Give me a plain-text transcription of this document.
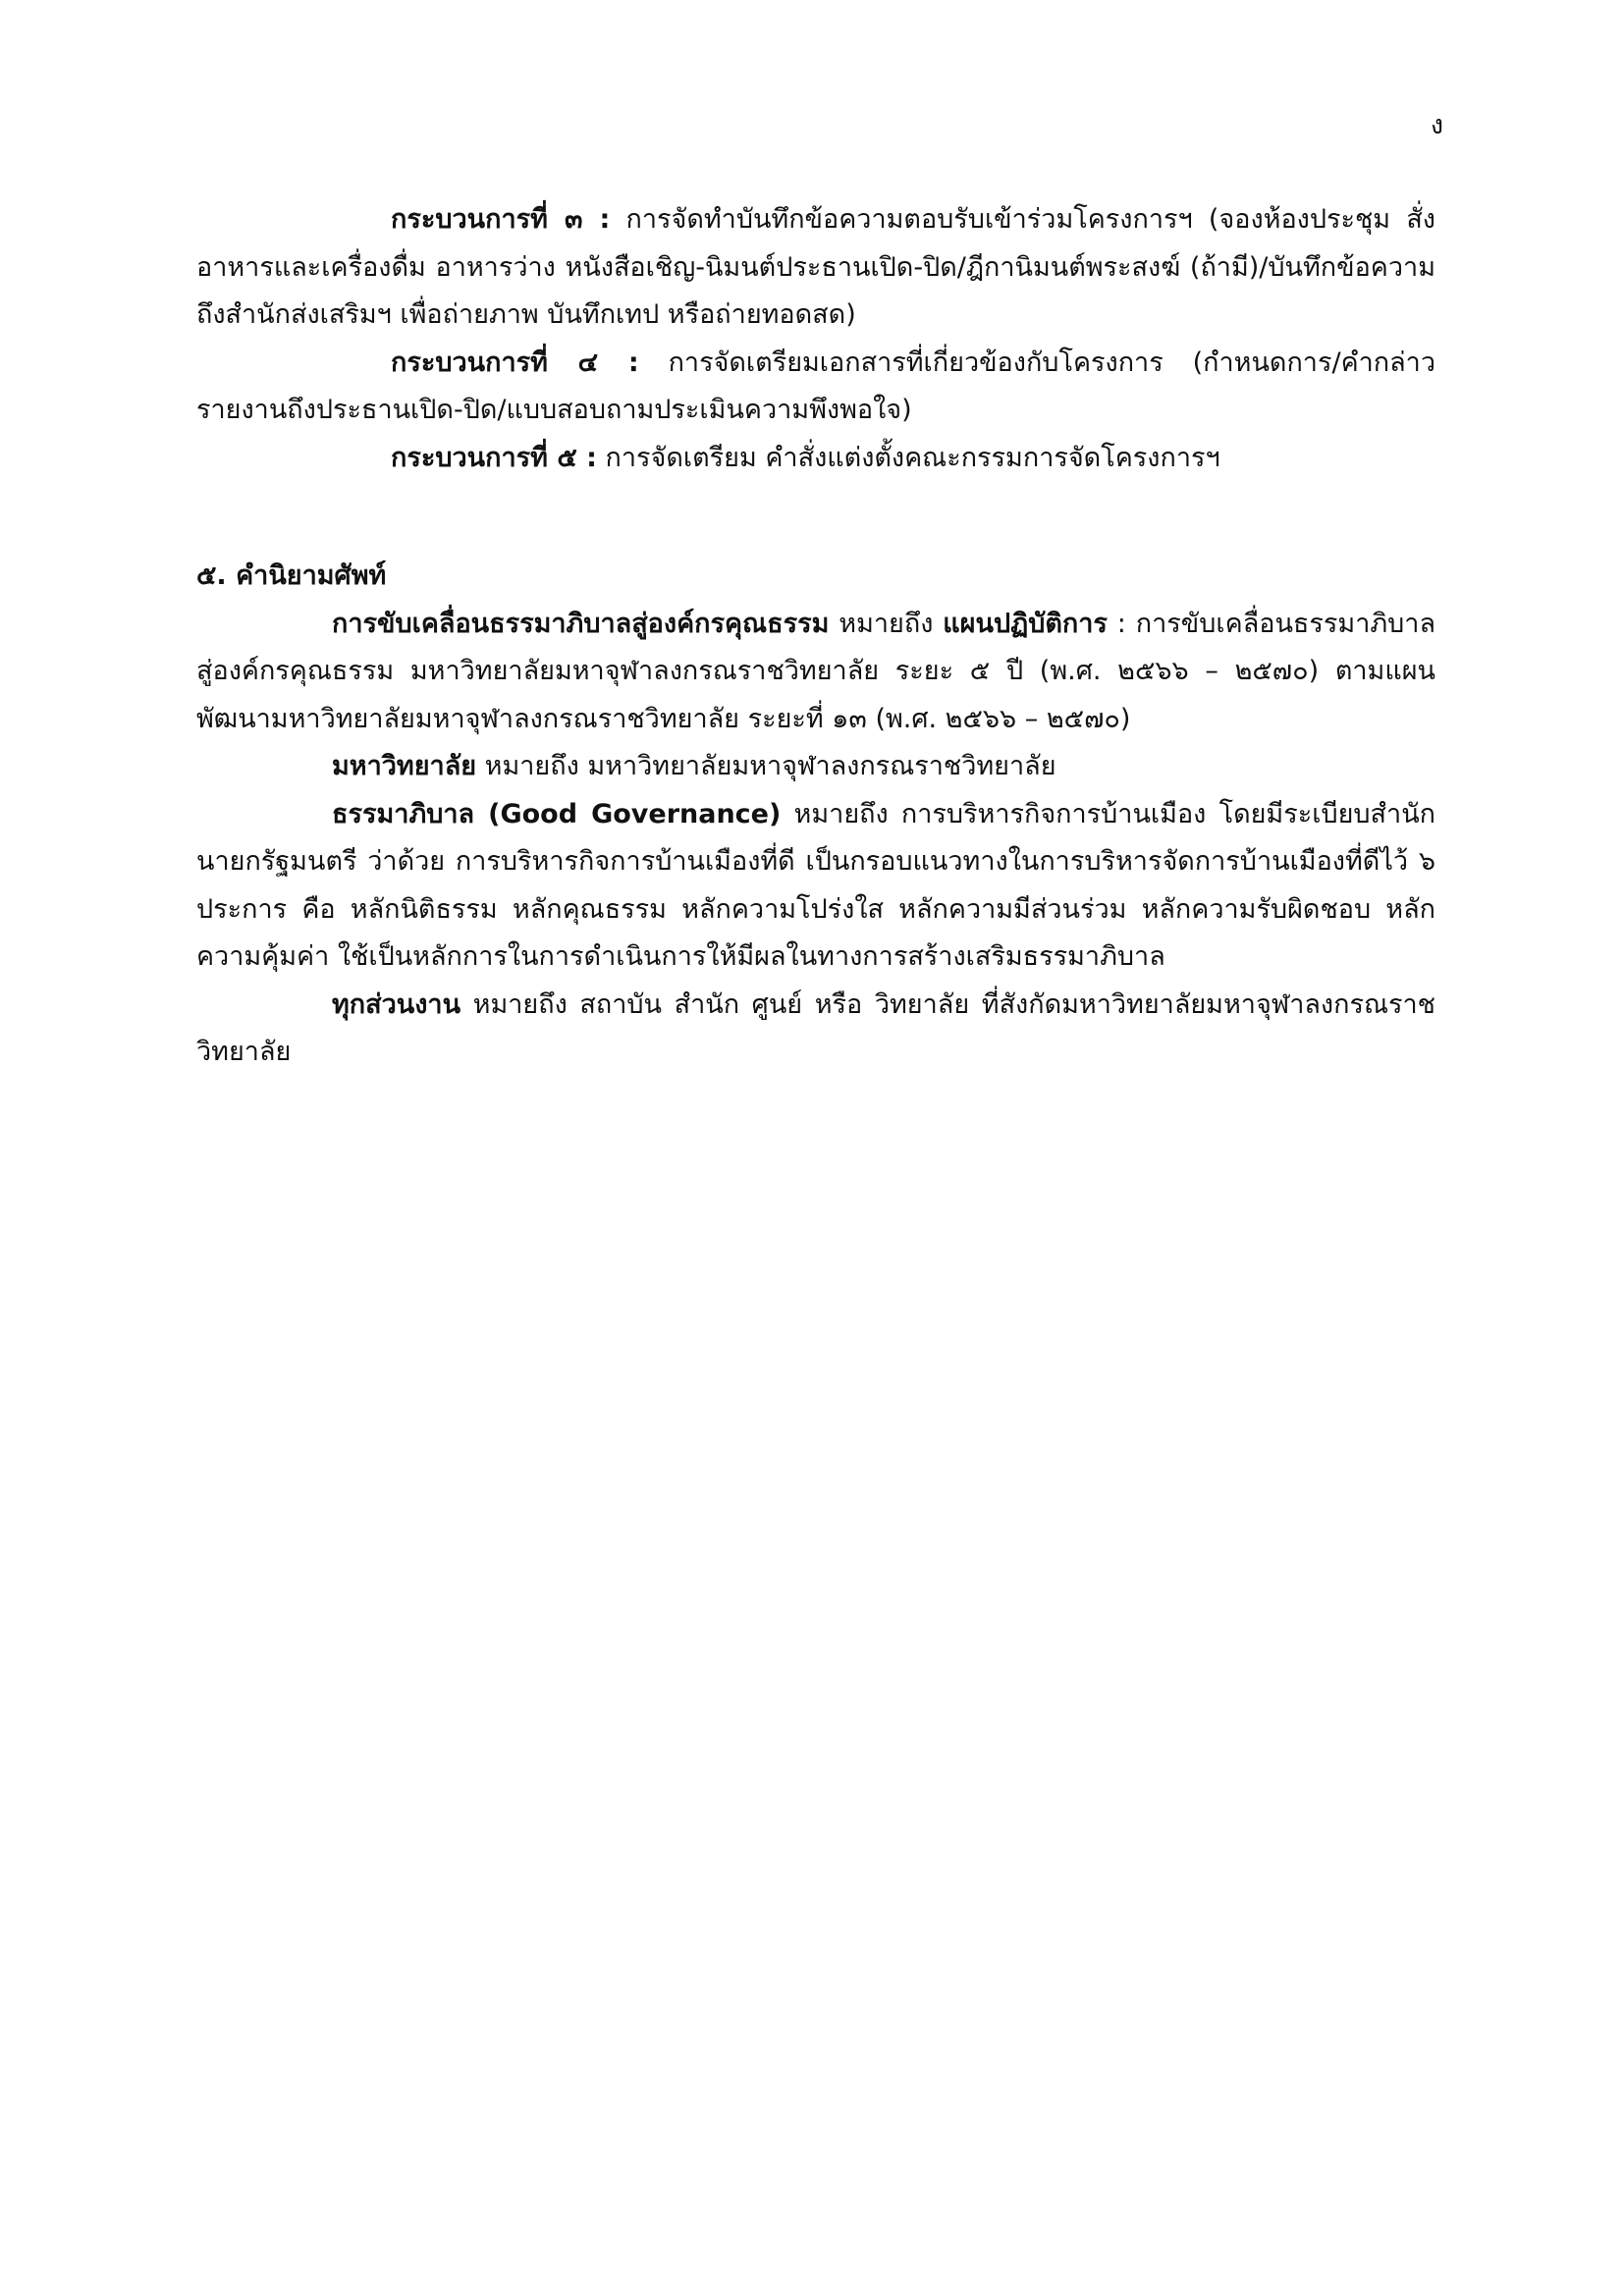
ง

กระบวนการที่ ๓ : การจัดทำบันทึกข้อความตอบรับเข้าร่วมโครงการฯ (จองห้องประชุม สั่งอาหารและเครื่องดื่ม อาหารว่าง หนังสือเชิญ-นิมนต์ประธานเปิด-ปิด/ฎีกานิมนต์พระสงฆ์ (ถ้ามี)/บันทึกข้อความถึงสำนักส่งเสริมฯ เพื่อถ่ายภาพ บันทึกเทป หรือถ่ายทอดสด)

กระบวนการที่ ๔ : การจัดเตรียมเอกสารที่เกี่ยวข้องกับโครงการ (กำหนดการ/คำกล่าวรายงานถึงประธานเปิด-ปิด/แบบสอบถามประเมินความพึงพอใจ)

กระบวนการที่ ๕ : การจัดเตรียม คำสั่งแต่งตั้งคณะกรรมการจัดโครงการฯ

๕. คำนิยามศัพท์

การขับเคลื่อนธรรมาภิบาลสู่องค์กรคุณธรรม หมายถึง แผนปฏิบัติการ : การขับเคลื่อนธรรมาภิบาลสู่องค์กรคุณธรรม มหาวิทยาลัยมหาจุฬาลงกรณราชวิทยาลัย ระยะ ๕ ปี (พ.ศ. ๒๕๖๖ – ๒๕๗๐) ตามแผนพัฒนามหาวิทยาลัยมหาจุฬาลงกรณราชวิทยาลัย ระยะที่ ๑๓ (พ.ศ. ๒๕๖๖ – ๒๕๗๐)

มหาวิทยาลัย หมายถึง มหาวิทยาลัยมหาจุฬาลงกรณราชวิทยาลัย

ธรรมาภิบาล (Good Governance) หมายถึง การบริหารกิจการบ้านเมือง โดยมีระเบียบสำนักนายกรัฐมนตรี ว่าด้วย การบริหารกิจการบ้านเมืองที่ดี เป็นกรอบแนวทางในการบริหารจัดการบ้านเมืองที่ดีไว้ ๖ ประการ คือ หลักนิติธรรม หลักคุณธรรม หลักความโปร่งใส หลักความมีส่วนร่วม หลักความรับผิดชอบ หลักความคุ้มค่า ใช้เป็นหลักการในการดำเนินการให้มีผลในทางการสร้างเสริมธรรมาภิบาล

ทุกส่วนงาน หมายถึง สถาบัน สำนัก ศูนย์ หรือ วิทยาลัย ที่สังกัดมหาวิทยาลัยมหาจุฬาลงกรณราชวิทยาลัย
